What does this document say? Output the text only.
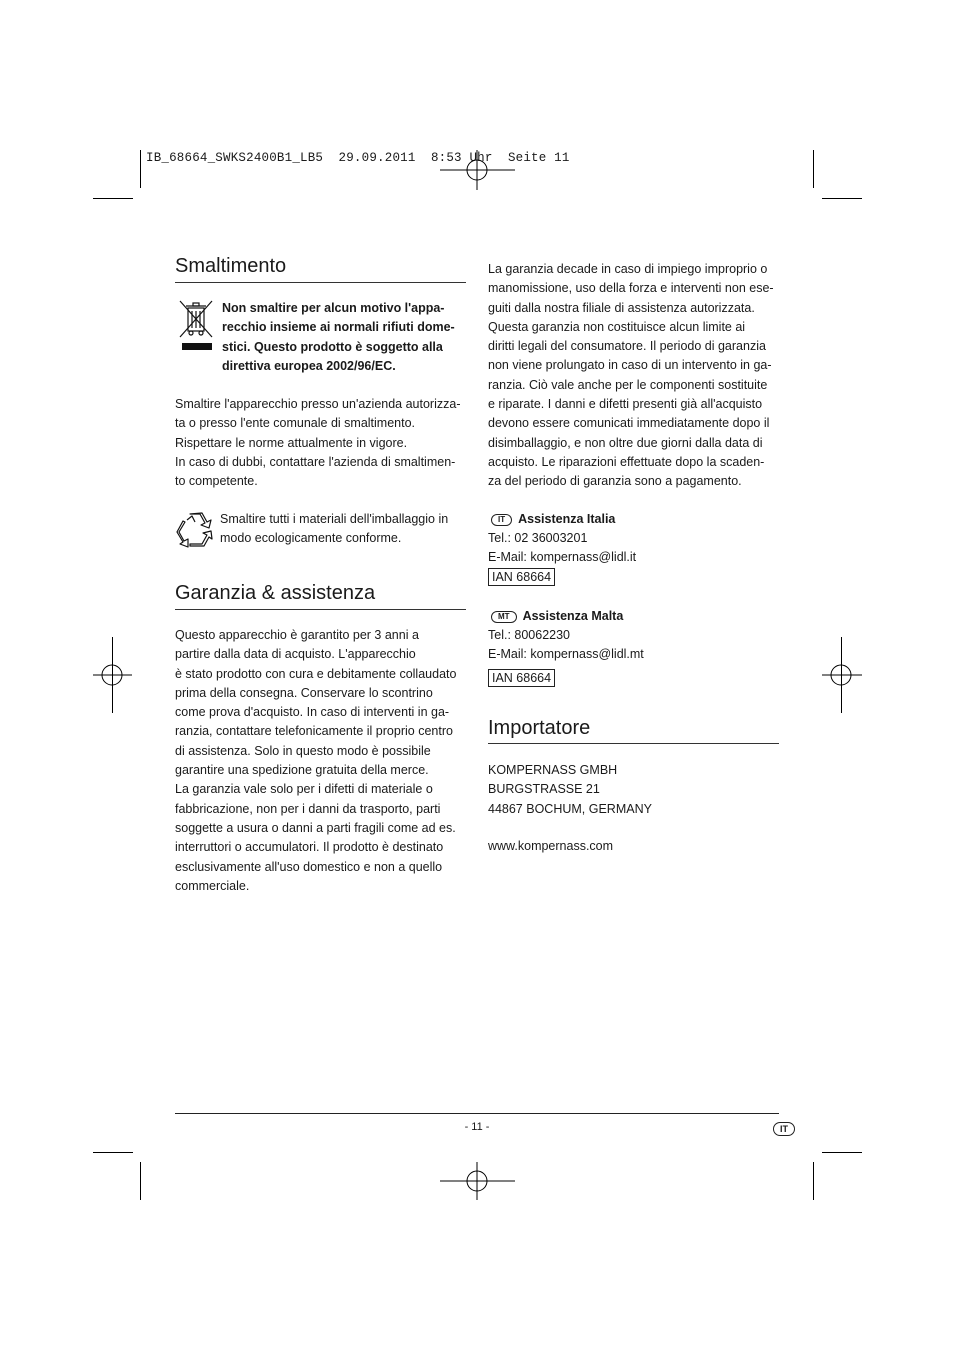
IB_68664_SWKS2400B1_LB5  29.09.2011  8:53 Uhr  Seite 11
Smaltimento
Non smaltire per alcun motivo l'appa-
recchio insieme ai normali rifiuti dome-
stici. Questo prodotto è soggetto alla
direttiva europea 2002/96/EC.
Smaltire l'apparecchio presso un'azienda autorizza-
ta o presso l'ente comunale di smaltimento.
Rispettare le norme attualmente in vigore.
In caso di dubbi, contattare l'azienda di smaltimen-
to competente.
Smaltire tutti i materiali dell'imballaggio in
modo ecologicamente conforme.
Garanzia & assistenza
Questo apparecchio è garantito per 3 anni a
partire dalla data di acquisto. L'apparecchio
è stato prodotto con cura e debitamente collaudato
prima della consegna. Conservare lo scontrino
come prova d'acquisto. In caso di interventi in ga-
ranzia, contattare telefonicamente il proprio centro
di assistenza. Solo in questo modo è possibile
garantire una spedizione gratuita della merce.
La garanzia vale solo per i difetti di materiale o
fabbricazione, non per i danni da trasporto, parti
soggette a usura o danni a parti fragili come ad es.
interruttori o accumulatori. Il prodotto è destinato
esclusivamente all'uso domestico e non a quello
commerciale.
La garanzia decade in caso di impiego improprio o
manomissione, uso della forza e interventi non ese-
guiti dalla nostra filiale di assistenza autorizzata.
Questa garanzia non costituisce alcun limite ai
diritti legali del consumatore. Il periodo di garanzia
non viene prolungato in caso di un intervento in ga-
ranzia. Ciò vale anche per le componenti sostituite
e riparate. I danni e difetti presenti già all'acquisto
devono essere comunicati immediatamente dopo il
disimballaggio, e non oltre due giorni dalla data di
acquisto. Le riparazioni effettuate dopo la scaden-
za del periodo di garanzia sono a pagamento.
IT Assistenza Italia
Tel.: 02 36003201
E-Mail: kompernass@lidl.it
IAN 68664
MT Assistenza Malta
Tel.: 80062230
E-Mail: kompernass@lidl.mt
IAN 68664
Importatore
KOMPERNASS GMBH
BURGSTRASSE 21
44867 BOCHUM, GERMANY
www.kompernass.com
- 11 -	IT
